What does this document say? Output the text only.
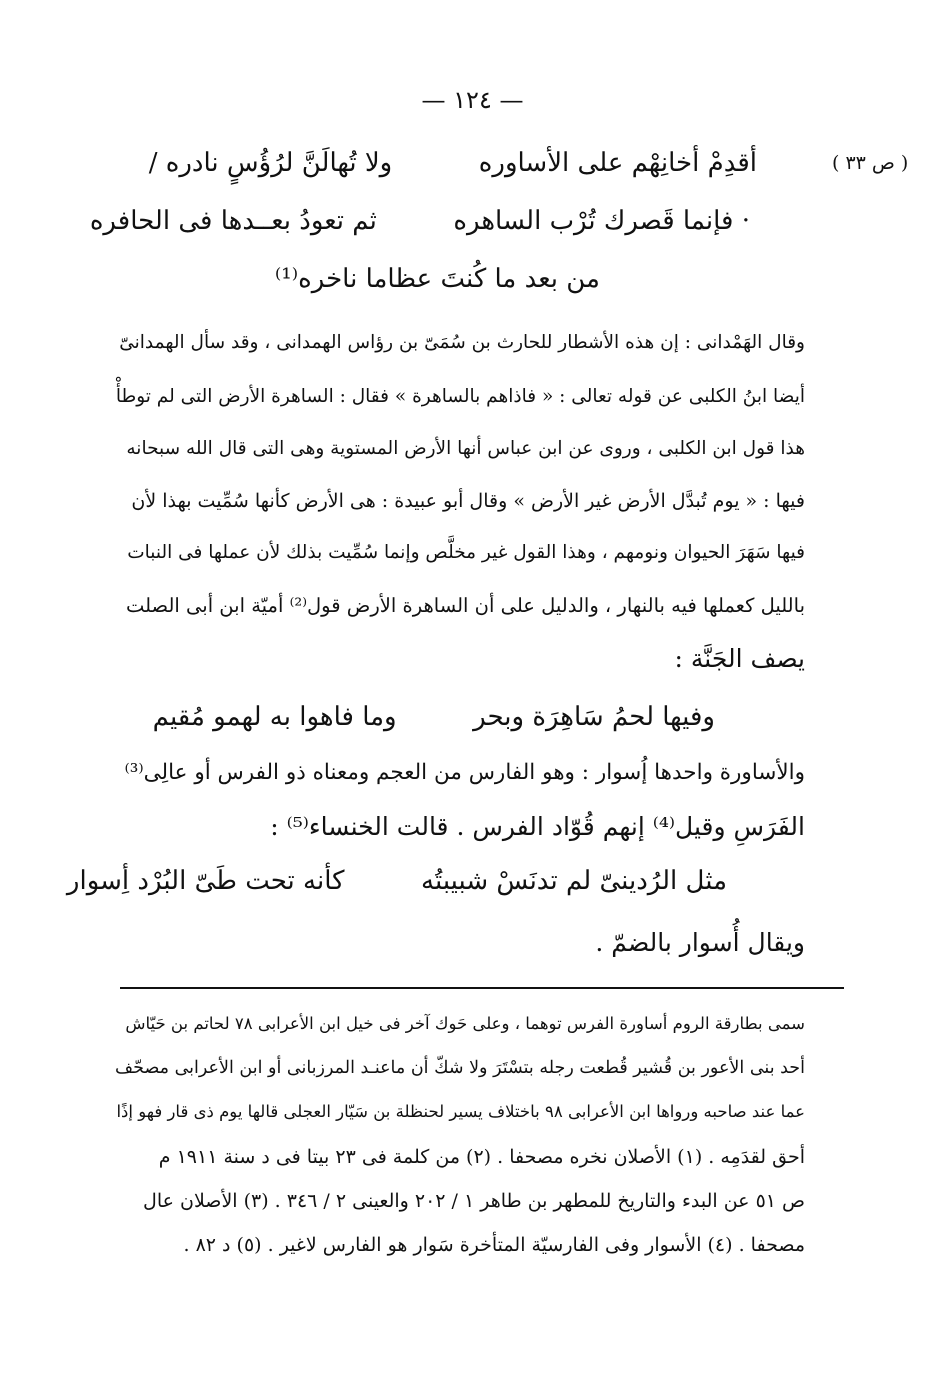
— ١٢٤ —
( ص ٣٣ )
أقدِمْ أخانِهْم على الأساوره  ولا تُهالَنَّ لرُؤُسٍ نادره /
· فإنما قَصرك تُرْب الساهره  ثم تعودُ بعــدها فى الحافره
من بعد ما كُنتَ عظاما ناخره⁽¹⁾
وقال الهَمْدانى : إن هذه الأشطار للحارث بن سُمَىّ بن رؤاس الهمدانى ، وقد سأل الهمدانىّ
أيضا ابنُ الكلبى عن قوله تعالى : « فاذاهم بالساهرة » فقال : الساهرة الأرض التى لم توطأْ
هذا قول ابن الكلبى ، وروى عن ابن عباس أنها الأرض المستوية وهى التى قال الله سبحانه
فيها : « يوم تُبدَّل الأرض غير الأرض » وقال أبو عبيدة : هى الأرض كأنها سُمِّيت بهذا لأن
فيها سَهَرَ الحيوان ونومهم ، وهذا القول غير مخلَّص وإنما سُمِّيت بذلك لأن عملها فى النبات
بالليل كعملها فيه بالنهار ، والدليل على أن الساهرة الأرض قول⁽²⁾ أميّة ابن أبى الصلت
يصف الجَنَّة :
وفيها لحمُ سَاهِرَة وبحر  وما فاهوا به لهمو مُقيم
والأساورة واحدها إُسوار : وهو الفارس من العجم ومعناه ذو الفرس أو عالِى⁽³⁾
الفَرَسِ وقيل⁽⁴⁾ إنهم قُوّاد الفرس . قالت الخنساء⁽⁵⁾ :
مثل الرُدينىّ لم تدنَسْ شبيبتُه  كأنه تحت طَىّ البُرْد أِسوار
ويقال أُسوار بالضمّ .
سمى بطارقة الروم أساورة الفرس توهما ، وعلى حَوك آخر فى خيل ابن الأعرابى ٧٨ لحاتم بن حَيّاش
أحد بنى الأعور بن قُشير قُطعت رجله بتسْتَرَ ولا شكّ أن ماعنـد المرزبانى أو ابن الأعرابى مصحّف
عما عند صاحبه ورواها ابن الأعرابى ٩٨ باختلاف يسير لحنظلة بن سَيّار العجلى قالها يوم ذى قار فهو إذًا
أحق لقدَمِه . (١) الأصلان نخره مصحفا . (٢) من كلمة فى ٢٣ بيتا فى د سنة ١٩١١ م
ص ٥١ عن البدء والتاريخ للمطهر بن طاهر ١ / ٢٠٢ والعينى ٢ / ٣٤٦ . (٣) الأصلان عال
مصحفا . (٤) الأسوار وفى الفارسيّة المتأخرة سَوار هو الفارس لاغير . (٥) د ٨٢ .
